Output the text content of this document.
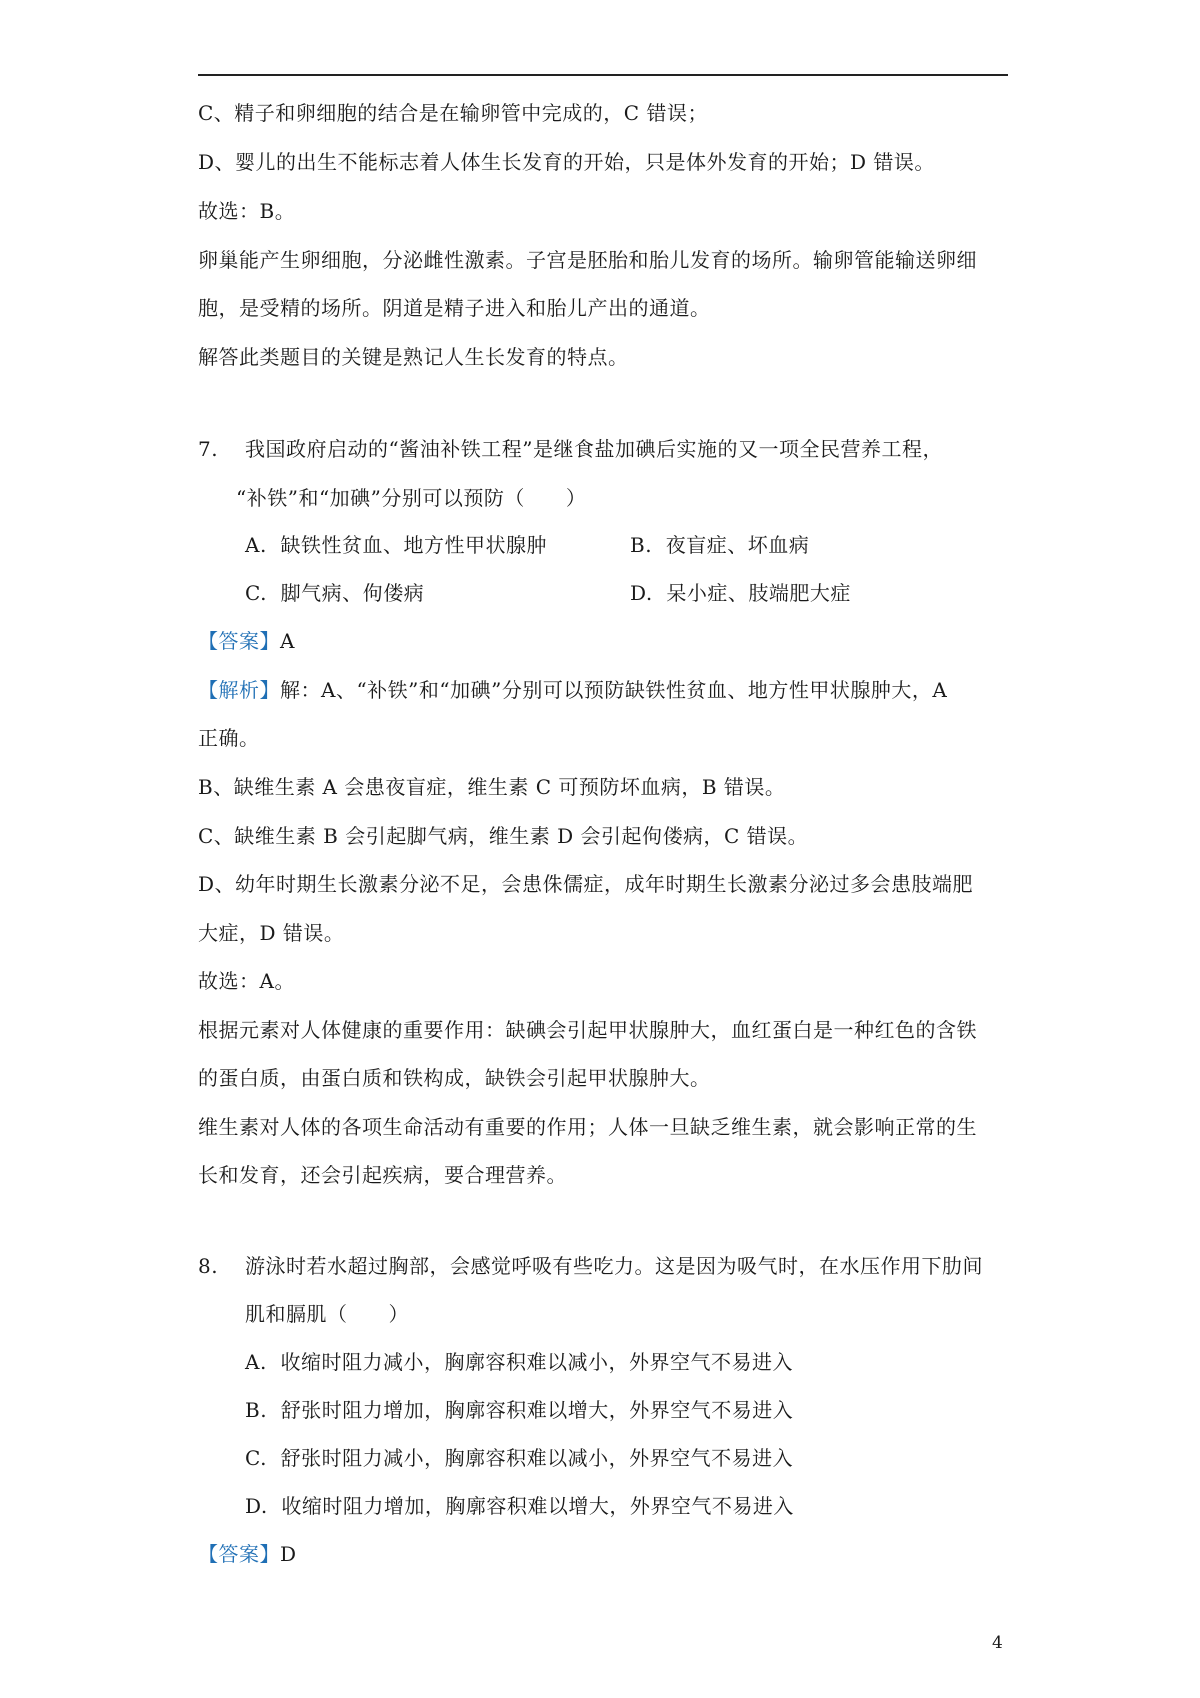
C、精子和卵细胞的结合是在输卵管中完成的，C 错误；
D、婴儿的出生不能标志着人体生长发育的开始，只是体外发育的开始；D 错误。
故选：B。
卵巢能产生卵细胞，分泌雌性激素。子宫是胚胎和胎儿发育的场所。输卵管能输送卵细
胞，是受精的场所。阴道是精子进入和胎儿产出的通道。
解答此类题目的关键是熟记人生长发育的特点。
7. 我国政府启动的“酱油补铁工程”是继食盐加碘后实施的又一项全民营养工程，
“补铁”和“加碘”分别可以预防（　　）
A. 缺铁性贫血、地方性甲状腺肿	B. 夜盲症、坏血病
C. 脚气病、佝偻病	D. 呆小症、肢端肥大症
【答案】A
【解析】解：A、“补铁”和“加碘”分别可以预防缺铁性贫血、地方性甲状腺肿大，A
正确。
B、缺维生素 A 会患夜盲症，维生素 C 可预防坏血病，B 错误。
C、缺维生素 B 会引起脚气病，维生素 D 会引起佝偻病，C 错误。
D、幼年时期生长激素分泌不足，会患侏儒症，成年时期生长激素分泌过多会患肢端肥
大症，D 错误。
故选：A。
根据元素对人体健康的重要作用：缺碘会引起甲状腺肿大，血红蛋白是一种红色的含铁
的蛋白质，由蛋白质和铁构成，缺铁会引起甲状腺肿大。
维生素对人体的各项生命活动有重要的作用；人体一旦缺乏维生素，就会影响正常的生
长和发育，还会引起疾病，要合理营养。
8. 游泳时若水超过胸部，会感觉呼吸有些吃力。这是因为吸气时，在水压作用下肋间
肌和膈肌（　　）
A. 收缩时阻力减小，胸廓容积难以减小，外界空气不易进入
B. 舒张时阻力增加，胸廓容积难以增大，外界空气不易进入
C. 舒张时阻力减小，胸廓容积难以减小，外界空气不易进入
D. 收缩时阻力增加，胸廓容积难以增大，外界空气不易进入
【答案】D
4
